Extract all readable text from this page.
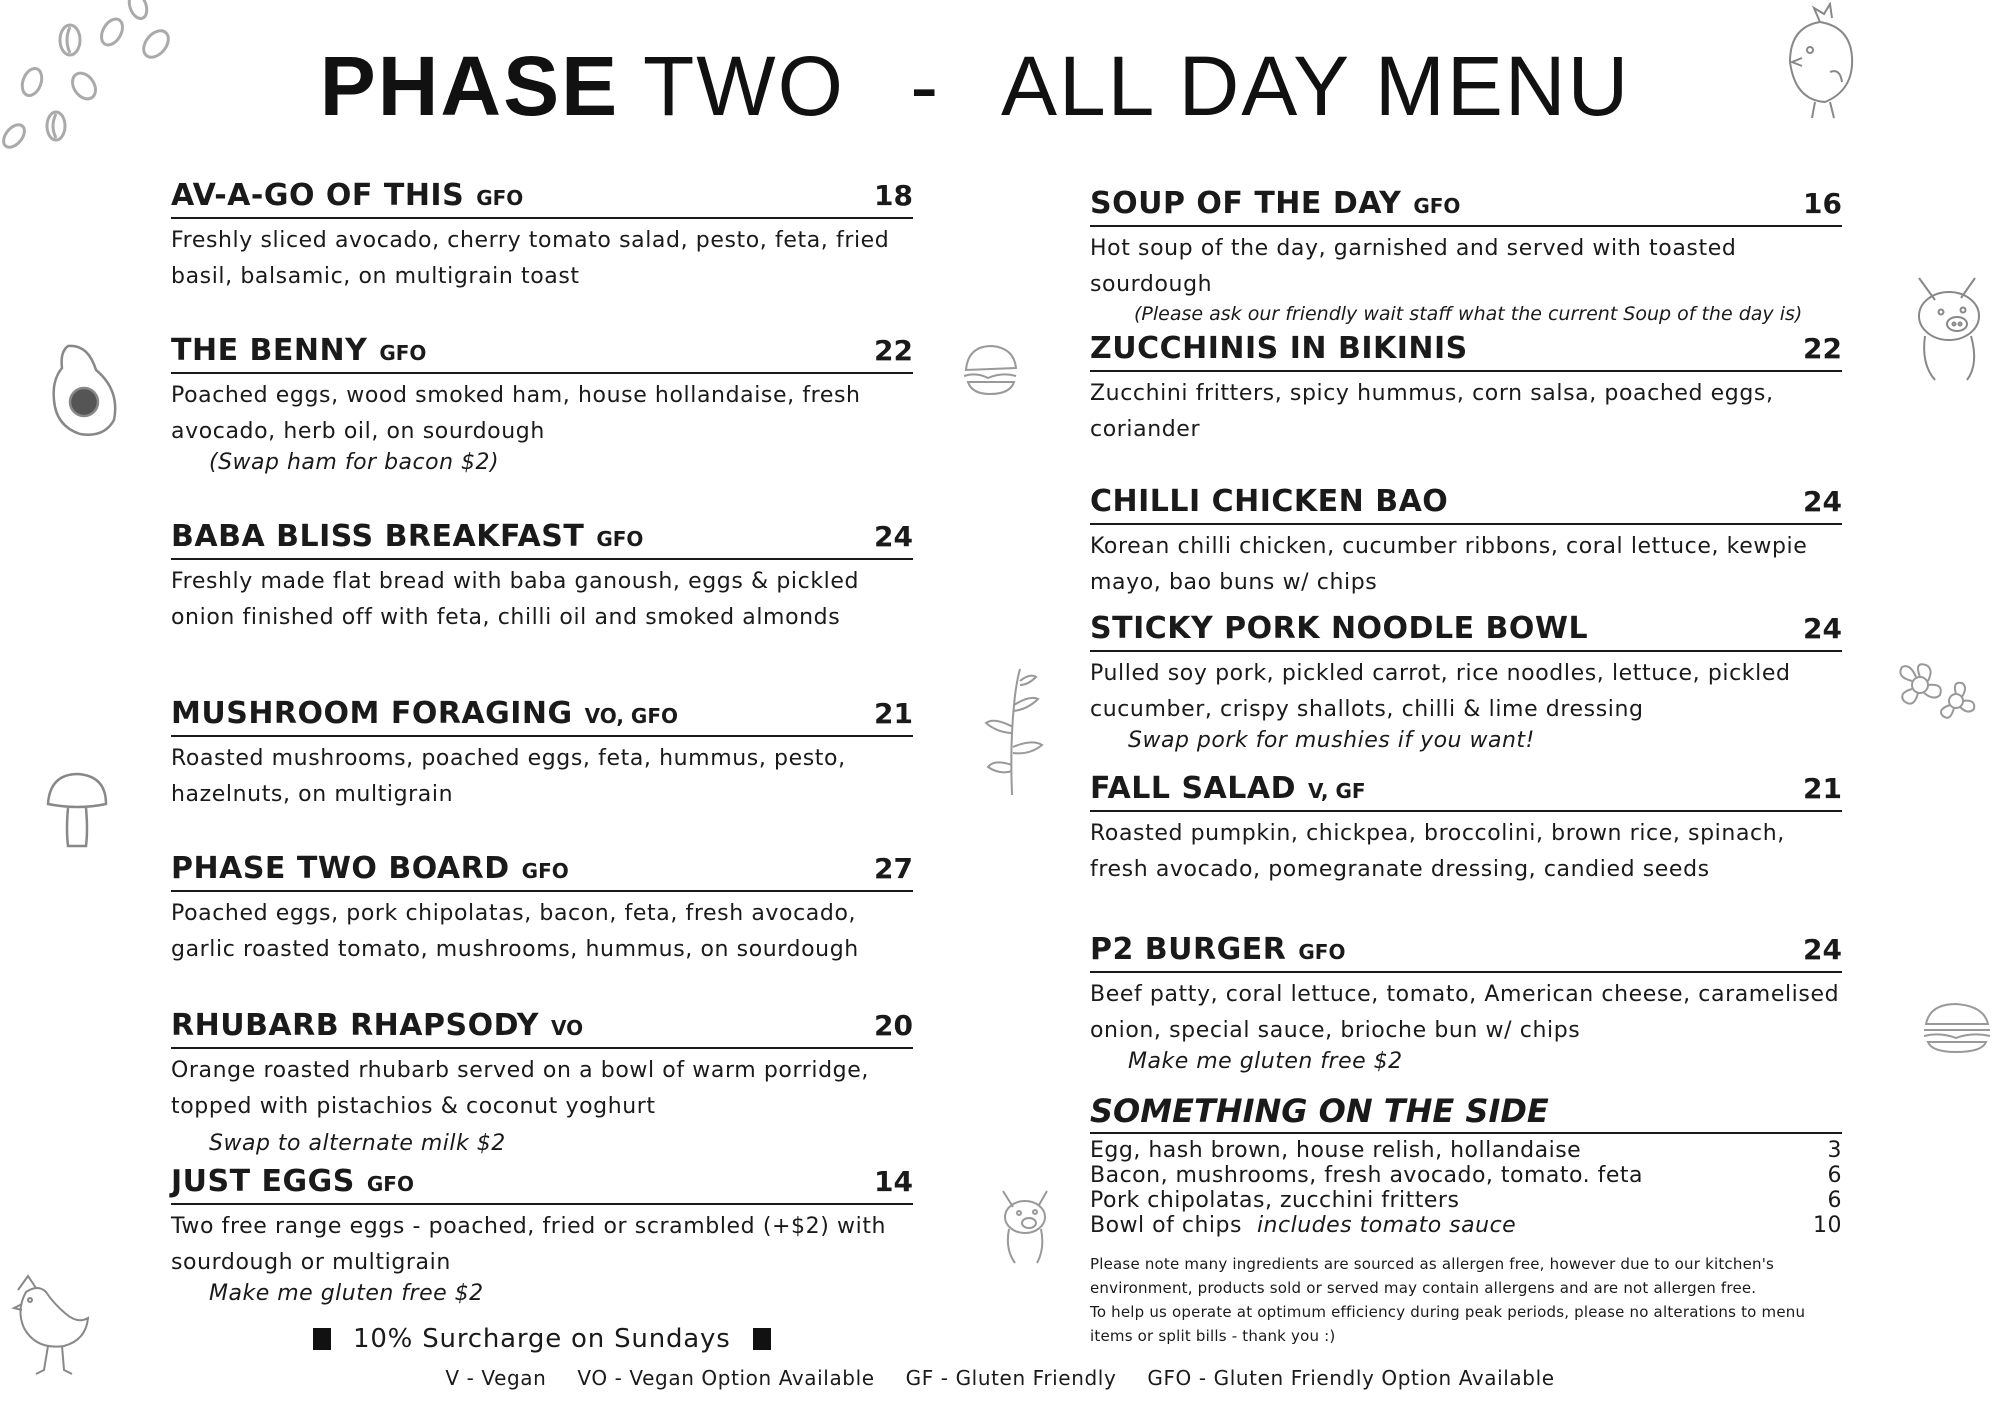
PHASE TWO - ALL DAY MENU
AV-A-GO OF THIS GFO	18
Freshly sliced avocado, cherry tomato salad, pesto, feta, fried basil, balsamic, on multigrain toast
THE BENNY GFO	22
Poached eggs, wood smoked ham, house hollandaise, fresh avocado, herb oil, on sourdough
(Swap ham for bacon $2)
BABA BLISS BREAKFAST GFO	24
Freshly made flat bread with baba ganoush, eggs & pickled onion finished off with feta, chilli oil and smoked almonds
MUSHROOM FORAGING VO, GFO	21
Roasted mushrooms, poached eggs, feta, hummus, pesto, hazelnuts, on multigrain
PHASE TWO BOARD GFO	27
Poached eggs, pork chipolatas, bacon, feta, fresh avocado, garlic roasted tomato, mushrooms, hummus, on sourdough
RHUBARB RHAPSODY VO	20
Orange roasted rhubarb served on a bowl of warm porridge, topped with pistachios & coconut yoghurt
Swap to alternate milk $2
JUST EGGS GFO	14
Two free range eggs - poached, fried or scrambled (+$2) with sourdough or multigrain
Make me gluten free $2
SOUP OF THE DAY GFO	16
Hot soup of the day, garnished and served with toasted sourdough
(Please ask our friendly wait staff what the current Soup of the day is)
ZUCCHINIS IN BIKINIS	22
Zucchini fritters, spicy hummus, corn salsa, poached eggs, coriander
CHILLI CHICKEN BAO	24
Korean chilli chicken, cucumber ribbons, coral lettuce, kewpie mayo, bao buns w/ chips
STICKY PORK NOODLE BOWL	24
Pulled soy pork, pickled carrot, rice noodles, lettuce, pickled cucumber, crispy shallots, chilli & lime dressing
Swap pork for mushies if you want!
FALL SALAD V, GF	21
Roasted pumpkin, chickpea, broccolini, brown rice, spinach, fresh avocado, pomegranate dressing, candied seeds
P2 BURGER GFO	24
Beef patty, coral lettuce, tomato, American cheese, caramelised onion, special sauce, brioche bun w/ chips
Make me gluten free $2
SOMETHING ON THE SIDE
Egg, hash brown, house relish, hollandaise	3
Bacon, mushrooms, fresh avocado, tomato. feta	6
Pork chipolatas, zucchini fritters	6
Bowl of chips includes tomato sauce	10
Please note many ingredients are sourced as allergen free, however due to our kitchen's
environment, products sold or served may contain allergens and are not allergen free.
To help us operate at optimum efficiency during peak periods, please no alterations to menu
items or split bills - thank you :)
10% Surcharge on Sundays
V - Vegan VO - Vegan Option Available GF - Gluten Friendly GFO - Gluten Friendly Option Available
